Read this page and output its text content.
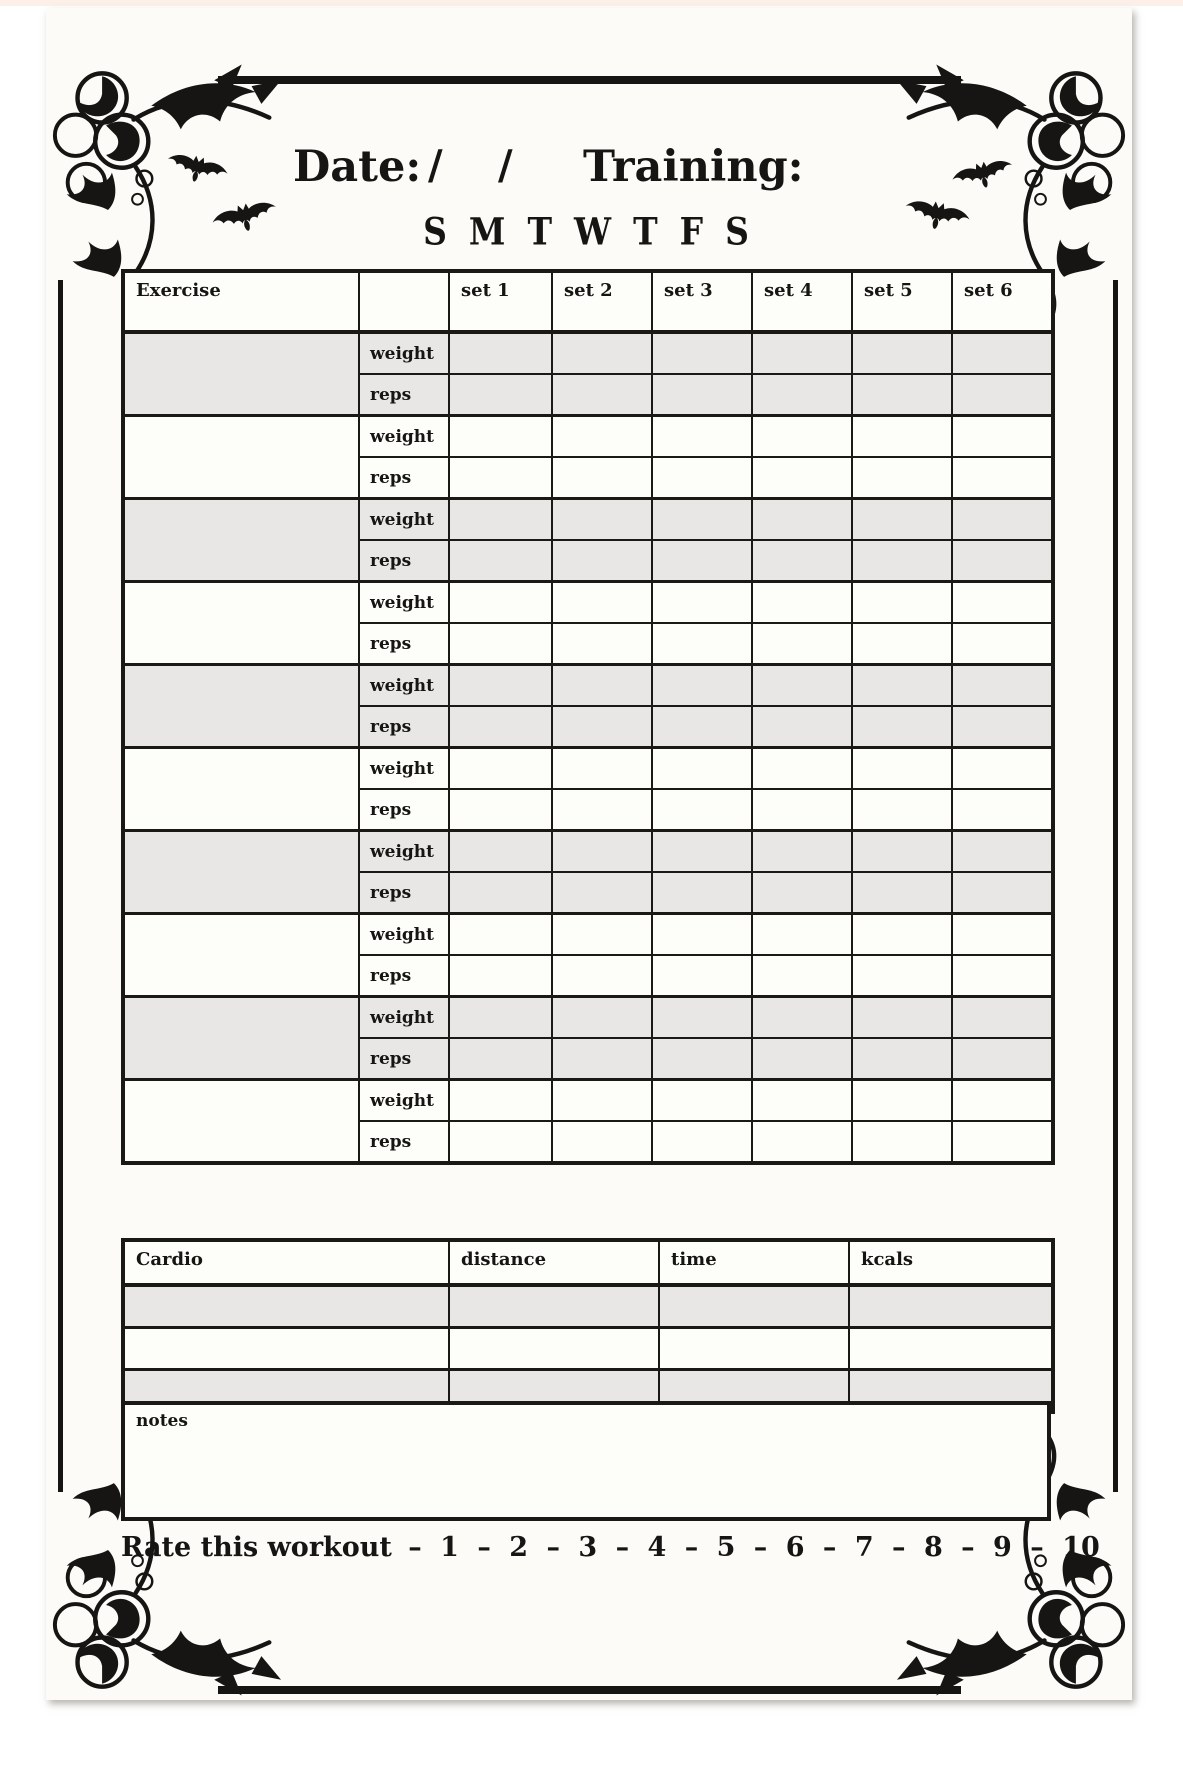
Date: / / Training:
S M T W T F S
Exercise		set 1	set 2	set 3	set 4	set 5	set 6
	weight						
	reps						
	weight						
	reps						
	weight						
	reps						
	weight						
	reps						
	weight						
	reps						
	weight						
	reps						
	weight						
	reps						
	weight						
	reps						
	weight						
	reps						
	weight						
	reps						
Cardio	distance	time	kcals

notes
Rate this workout – 1 – 2 – 3 – 4 – 5 – 6 – 7 – 8 – 9 – 10
